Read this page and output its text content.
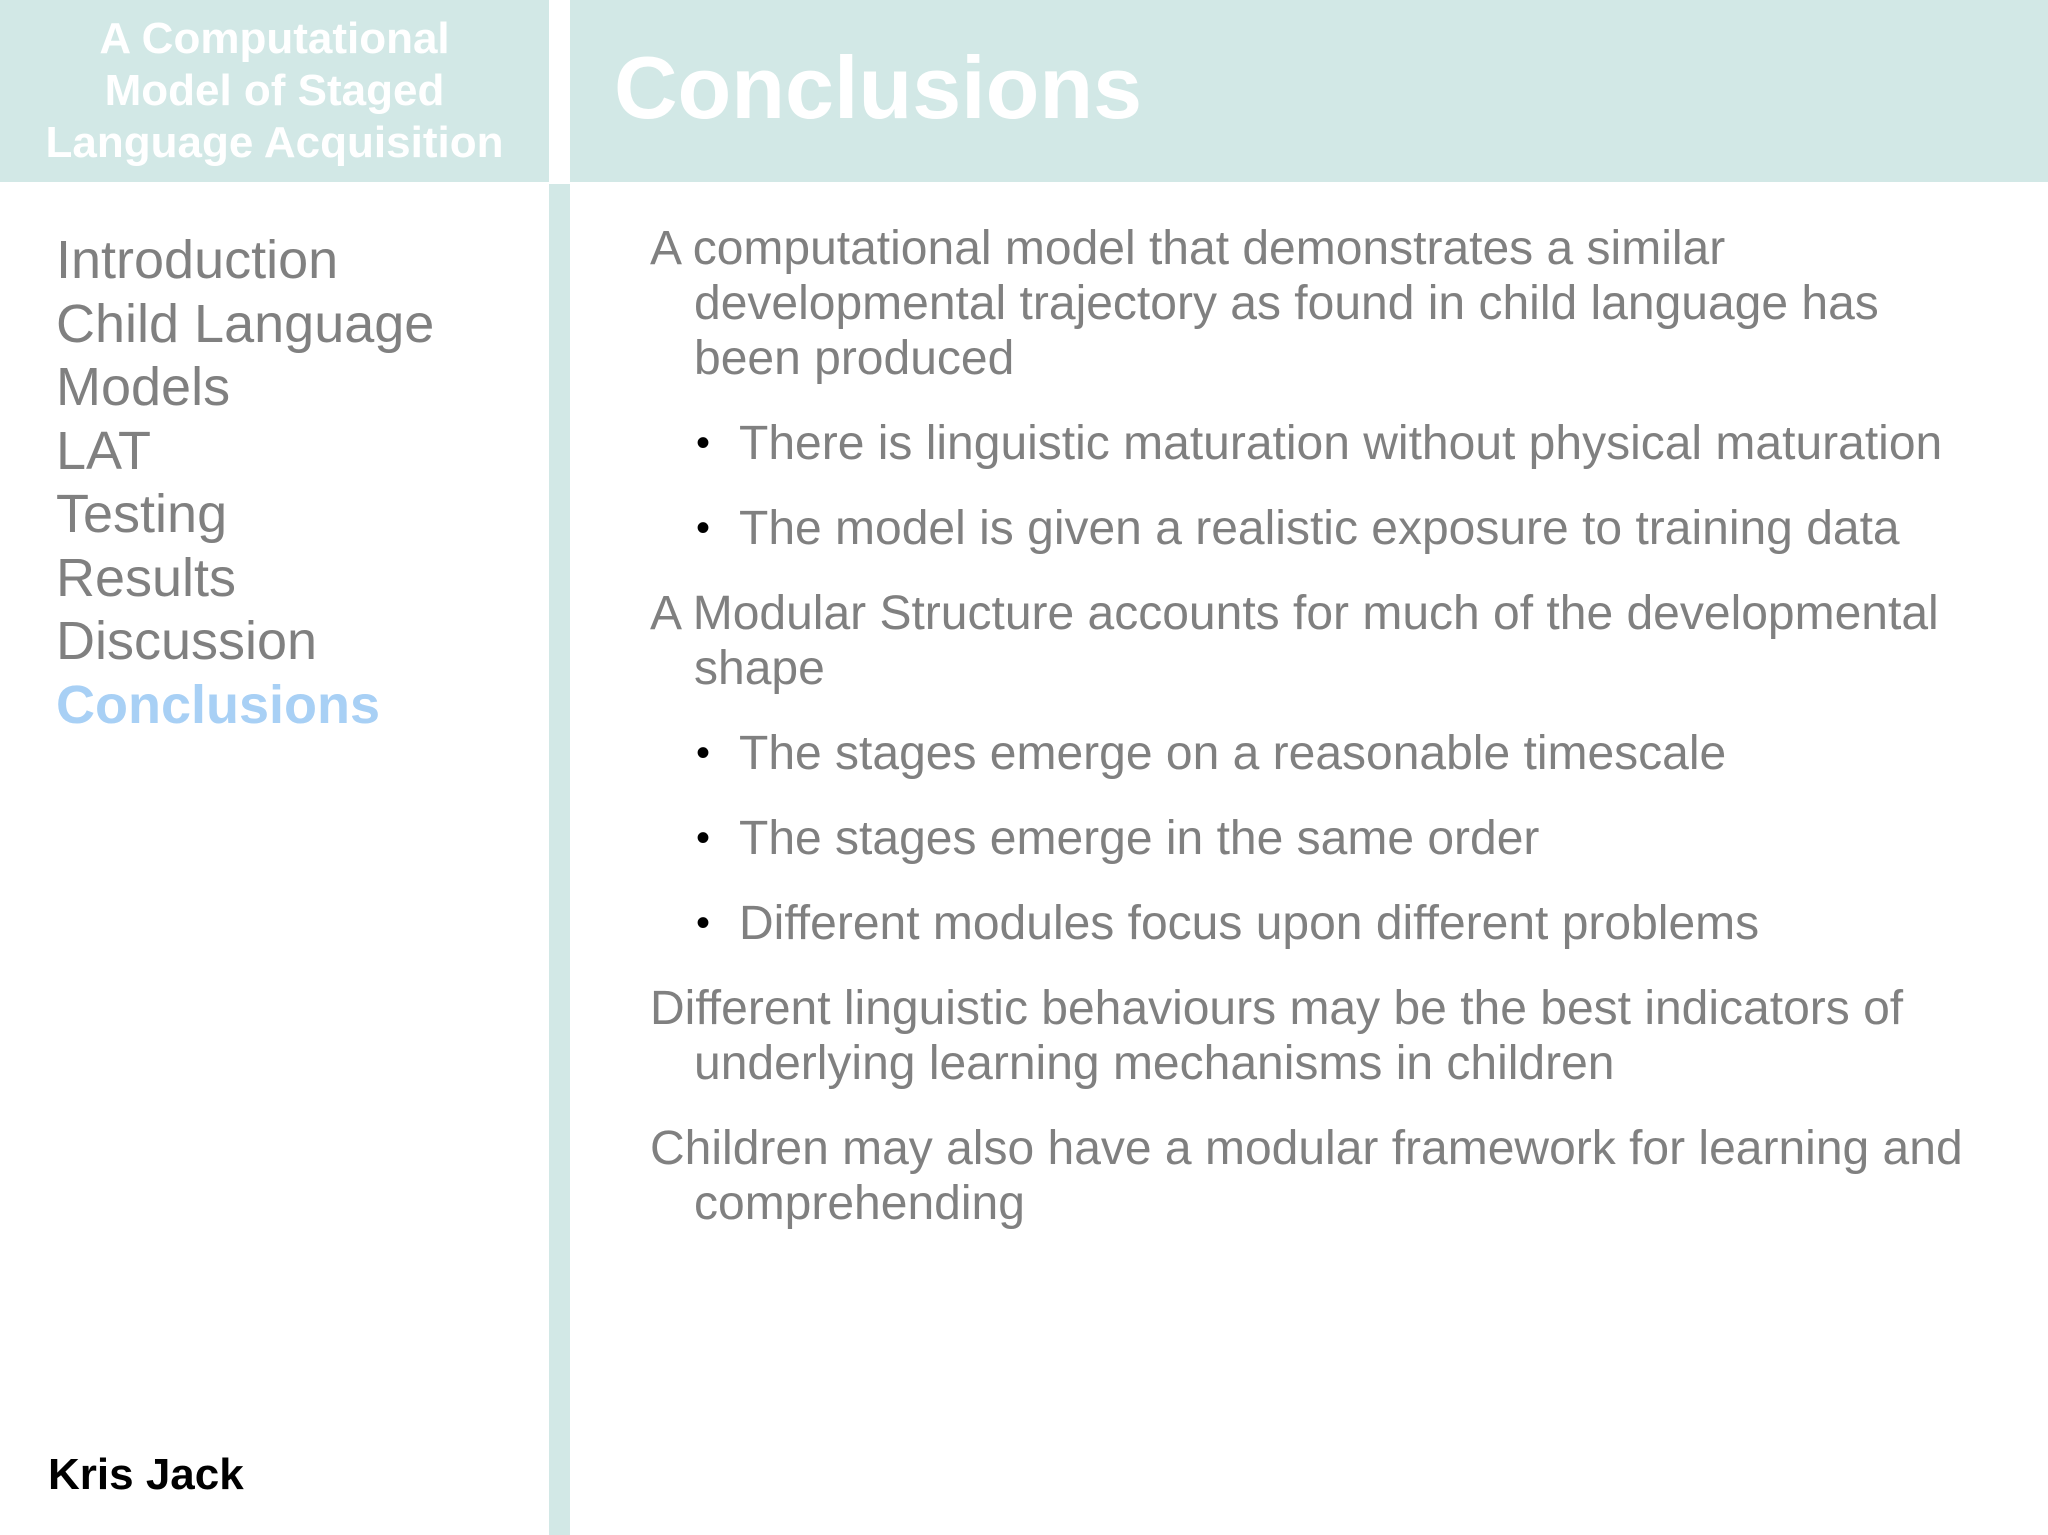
A Computational
Model of Staged
Language Acquisition
Conclusions
Introduction
Child Language
Models
LAT
Testing
Results
Discussion
Conclusions
Kris Jack

A computational model that demonstrates a similar developmental trajectory as found in child language has been produced

• There is linguistic maturation without physical maturation
• The model is given a realistic exposure to training data

A Modular Structure accounts for much of the developmental shape

• The stages emerge on a reasonable timescale
• The stages emerge in the same order
• Different modules focus upon different problems

Different linguistic behaviours may be the best indicators of underlying learning mechanisms in children

Children may also have a modular framework for learning and comprehending
